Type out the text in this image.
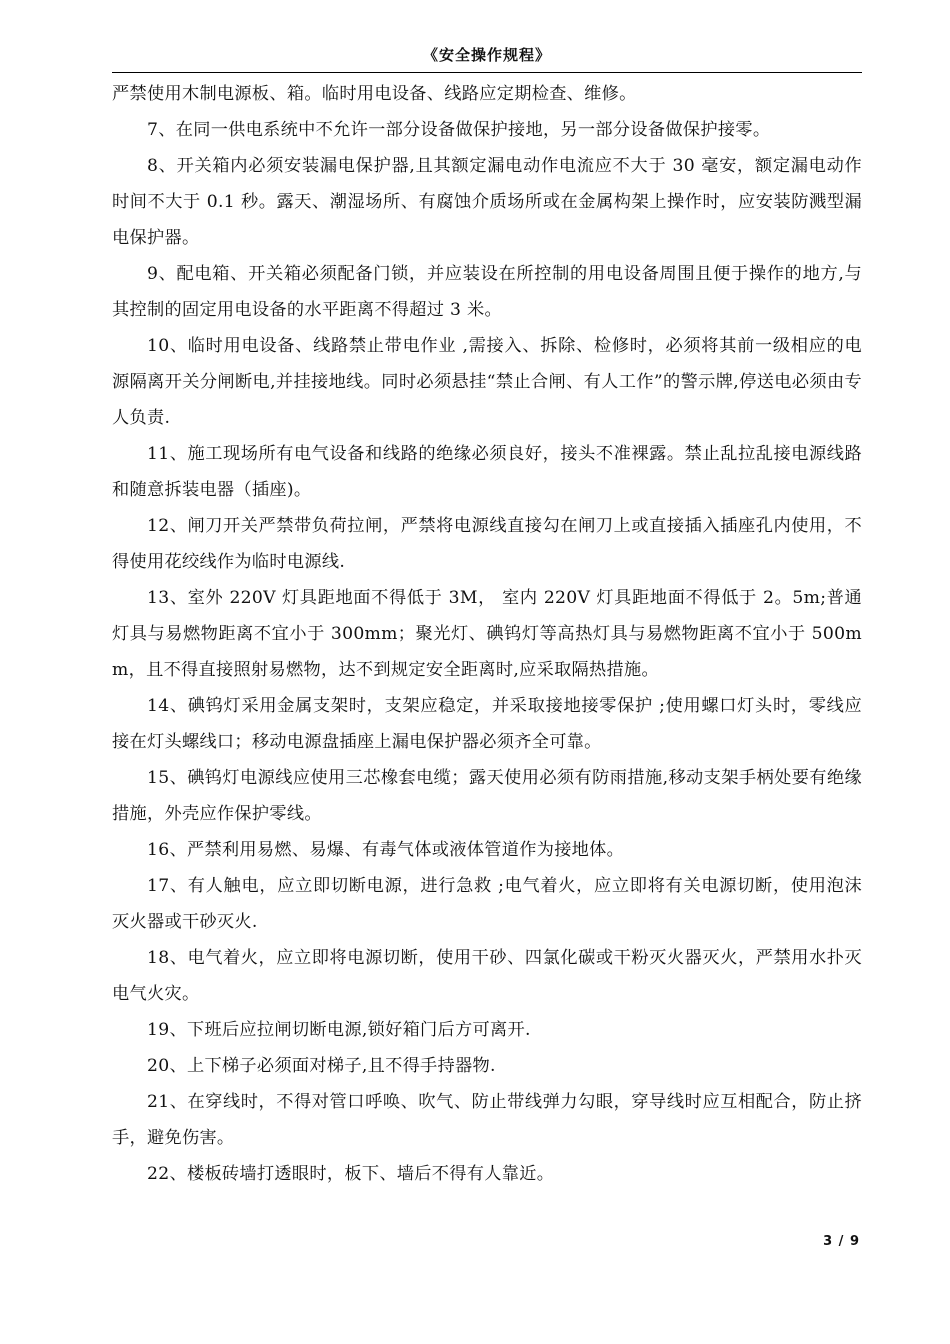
《安全操作规程》

严禁使用木制电源板、箱。临时用电设备、线路应定期检查、维修。

7、在同一供电系统中不允许一部分设备做保护接地，另一部分设备做保护接零。

8、开关箱内必须安装漏电保护器,且其额定漏电动作电流应不大于 30 毫安，额定漏电动作时间不大于 0.1 秒。露天、潮湿场所、有腐蚀介质场所或在金属构架上操作时，应安装防溅型漏电保护器。

9、配电箱、开关箱必须配备门锁，并应装设在所控制的用电设备周围且便于操作的地方,与其控制的固定用电设备的水平距离不得超过 3 米。

10、临时用电设备、线路禁止带电作业 ,需接入、拆除、检修时，必须将其前一级相应的电源隔离开关分闸断电,并挂接地线。同时必须悬挂“禁止合闸、有人工作”的警示牌,停送电必须由专人负责.

11、施工现场所有电气设备和线路的绝缘必须良好，接头不准裸露。禁止乱拉乱接电源线路和随意拆装电器（插座)。

12、闸刀开关严禁带负荷拉闸，严禁将电源线直接勾在闸刀上或直接插入插座孔内使用，不得使用花绞线作为临时电源线.

13、室外 220V 灯具距地面不得低于 3M， 室内 220V 灯具距地面不得低于 2。5m;普通灯具与易燃物距离不宜小于 300mm；聚光灯、碘钨灯等高热灯具与易燃物距离不宜小于 500mm，且不得直接照射易燃物，达不到规定安全距离时,应采取隔热措施。

14、碘钨灯采用金属支架时，支架应稳定，并采取接地接零保护 ;使用螺口灯头时，零线应接在灯头螺线口；移动电源盘插座上漏电保护器必须齐全可靠。

15、碘钨灯电源线应使用三芯橡套电缆；露天使用必须有防雨措施,移动支架手柄处要有绝缘措施，外壳应作保护零线。

16、严禁利用易燃、易爆、有毒气体或液体管道作为接地体。

17、有人触电，应立即切断电源，进行急救 ;电气着火，应立即将有关电源切断，使用泡沫灭火器或干砂灭火.

18、电气着火，应立即将电源切断，使用干砂、四氯化碳或干粉灭火器灭火，严禁用水扑灭电气火灾。

19、下班后应拉闸切断电源,锁好箱门后方可离开.

20、上下梯子必须面对梯子,且不得手持器物.

21、在穿线时，不得对管口呼唤、吹气、防止带线弹力勾眼，穿导线时应互相配合，防止挤手，避免伤害。

22、楼板砖墙打透眼时，板下、墙后不得有人靠近。

3 / 9
